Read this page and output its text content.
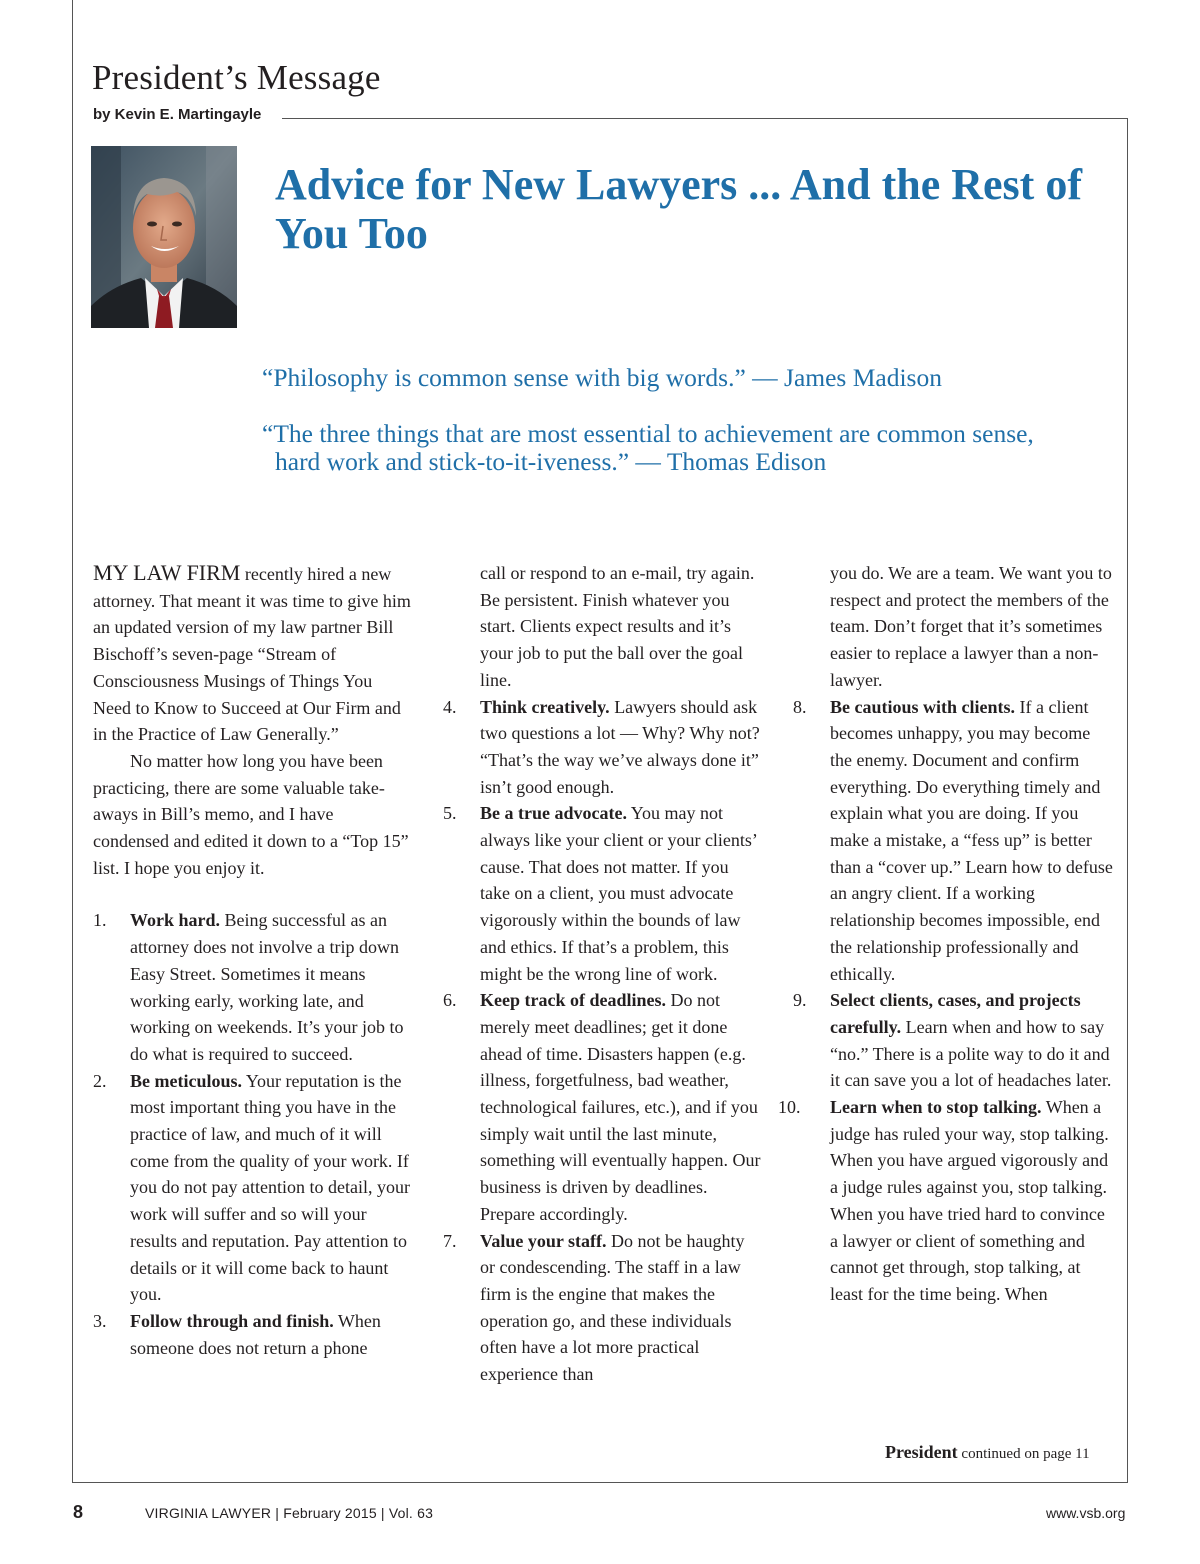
President’s Message
by Kevin E. Martingayle
Advice for New Lawyers ... And the Rest of You Too

“Philosophy is common sense with big words.” — James Madison

“The three things that are most essential to achievement are common sense,
hard work and stick-to-it-iveness.” — Thomas Edison

MY LAW FIRM recently hired a new attorney. That meant it was time to give him an updated version of my law partner Bill Bischoff’s seven-page “Stream of Consciousness Musings of Things You Need to Know to Succeed at Our Firm and in the Practice of Law Generally.”

No matter how long you have been practicing, there are some valuable take-aways in Bill’s memo, and I have condensed and edited it down to a “Top 15” list. I hope you enjoy it.

1. Work hard. Being successful as an attorney does not involve a trip down Easy Street. Sometimes it means working early, working late, and working on weekends. It’s your job to do what is required to succeed.

2. Be meticulous. Your reputation is the most important thing you have in the practice of law, and much of it will come from the quality of your work. If you do not pay attention to detail, your work will suffer and so will your results and reputation. Pay attention to details or it will come back to haunt you.

3. Follow through and finish. When someone does not return a phone

call or respond to an e-mail, try again. Be persistent. Finish whatever you start. Clients expect results and it’s your job to put the ball over the goal line.

4. Think creatively. Lawyers should ask two questions a lot — Why? Why not? “That’s the way we’ve always done it” isn’t good enough.

5. Be a true advocate. You may not always like your client or your clients’ cause. That does not matter. If you take on a client, you must advocate vigorously within the bounds of law and ethics. If that’s a problem, this might be the wrong line of work.

6. Keep track of deadlines. Do not merely meet deadlines; get it done ahead of time. Disasters happen (e.g. illness, forgetfulness, bad weather, technological failures, etc.), and if you simply wait until the last minute, something will eventually happen. Our business is driven by deadlines. Prepare accordingly.

7. Value your staff. Do not be haughty or condescending. The staff in a law firm is the engine that makes the operation go, and these individuals often have a lot more practical experience than

you do. We are a team. We want you to respect and protect the members of the team. Don’t forget that it’s sometimes easier to replace a lawyer than a non-lawyer.

8. Be cautious with clients. If a client becomes unhappy, you may become the enemy. Document and confirm everything. Do everything timely and explain what you are doing. If you make a mistake, a “fess up” is better than a “cover up.” Learn how to defuse an angry client. If a working relationship becomes impossible, end the relationship professionally and ethically.

9. Select clients, cases, and projects carefully. Learn when and how to say “no.” There is a polite way to do it and it can save you a lot of headaches later.

10. Learn when to stop talking. When a judge has ruled your way, stop talking. When you have argued vigorously and a judge rules against you, stop talking. When you have tried hard to convince a lawyer or client of something and cannot get through, stop talking, at least for the time being. When

President continued on page 11
8	VIRGINIA LAWYER | February 2015 | Vol. 63	www.vsb.org
